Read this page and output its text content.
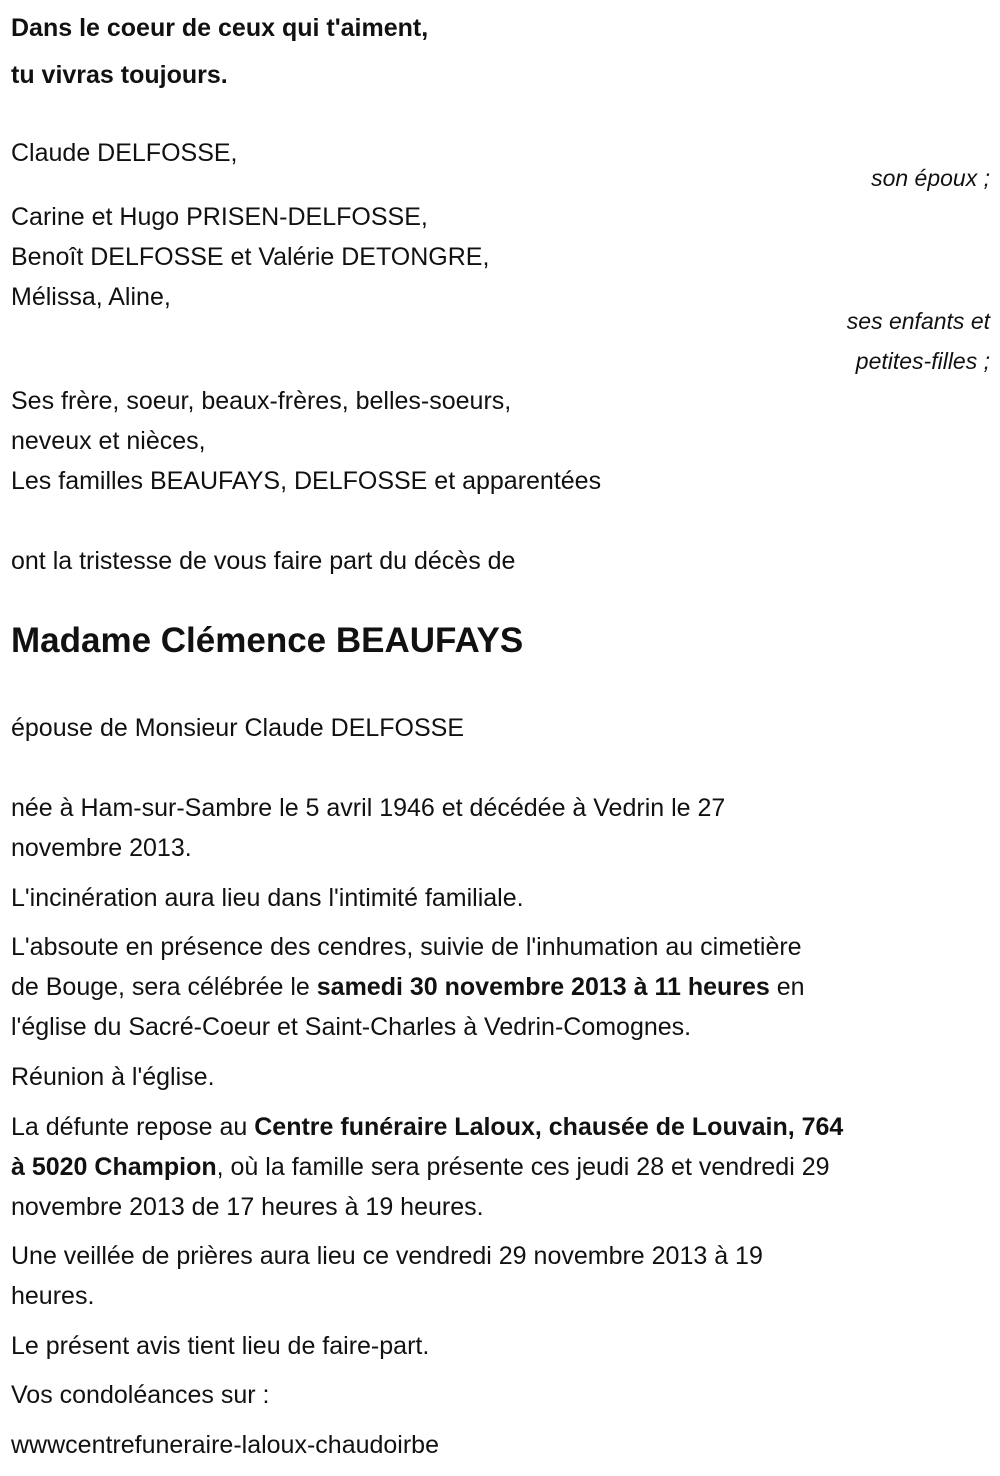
Dans le coeur de ceux qui t'aiment,
tu vivras toujours.
Claude DELFOSSE,
son époux ;
Carine et Hugo PRISEN-DELFOSSE,
Benoît DELFOSSE et Valérie DETONGRE,
Mélissa, Aline,
ses enfants et
petites-filles ;
Ses frère, soeur, beaux-frères, belles-soeurs,
neveux et nièces,
Les familles BEAUFAYS, DELFOSSE et apparentées
ont la tristesse de vous faire part du décès de
Madame Clémence BEAUFAYS
épouse de Monsieur Claude DELFOSSE
née à Ham-sur-Sambre le 5 avril 1946 et décédée à Vedrin le 27
novembre 2013.
L'incinération aura lieu dans l'intimité familiale.
L'absoute en présence des cendres, suivie de l'inhumation au cimetière
de Bouge, sera célébrée le samedi 30 novembre 2013 à 11 heures en
l'église du Sacré-Coeur et Saint-Charles à Vedrin-Comognes.
Réunion à l'église.
La défunte repose au Centre funéraire Laloux, chausée de Louvain, 764
à 5020 Champion, où la famille sera présente ces jeudi 28 et vendredi 29
novembre 2013 de 17 heures à 19 heures.
Une veillée de prières aura lieu ce vendredi 29 novembre 2013 à 19
heures.
Le présent avis tient lieu de faire-part.
Vos condoléances sur :
wwwcentrefuneraire-laloux-chaudoirbe
